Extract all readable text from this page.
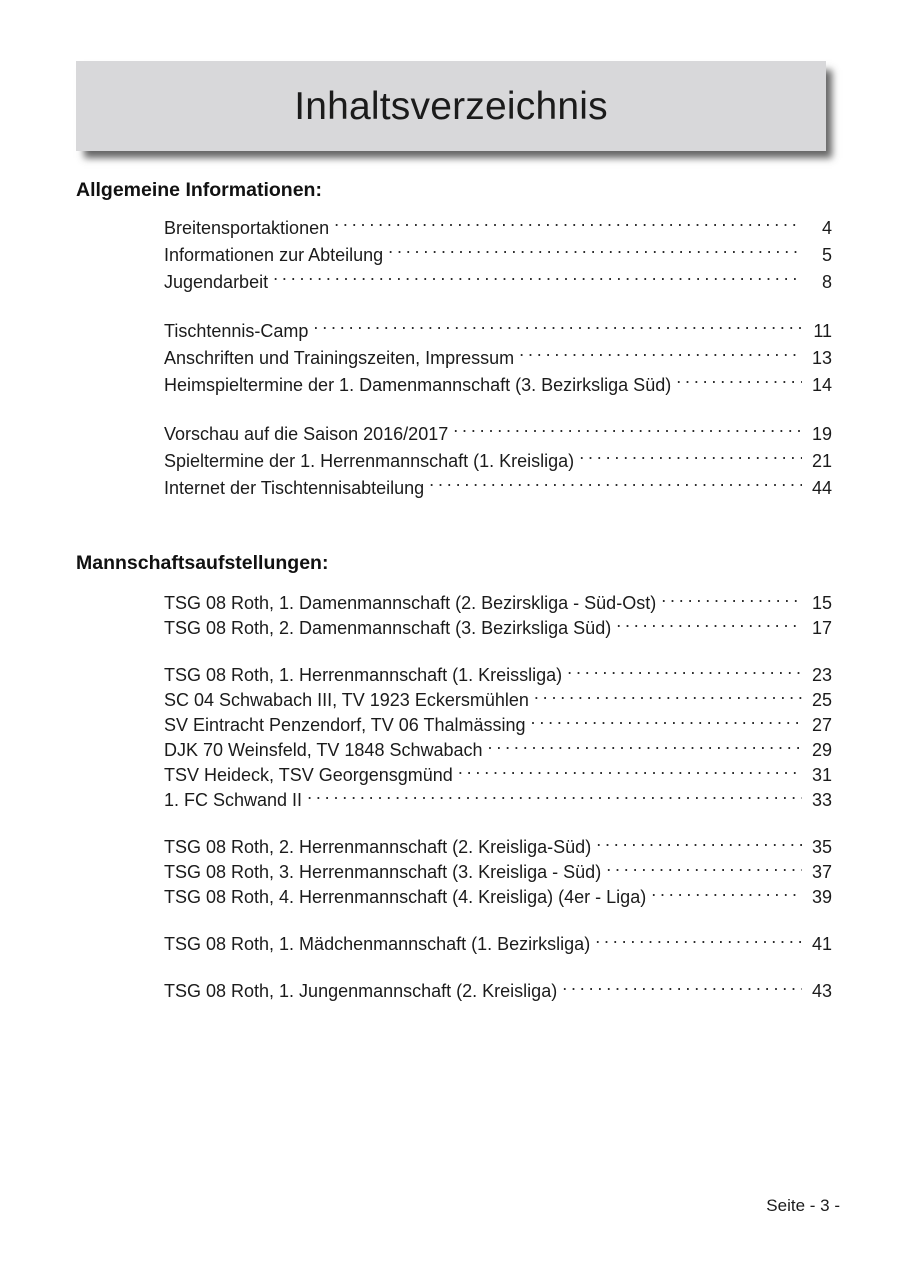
Inhaltsverzeichnis
Allgemeine Informationen:
Breitensportaktionen . . .	4
Informationen zur Abteilung . . .	5
Jugendarbeit . . .	8
Tischtennis-Camp . . .	11
Anschriften und Trainingszeiten, Impressum . . .	13
Heimspieltermine der 1. Damenmannschaft (3. Bezirksliga Süd) . . .	14
Vorschau auf die Saison 2016/2017 . . .	19
Spieltermine der 1. Herrenmannschaft (1. Kreisliga) . . .	21
Internet der Tischtennisabteilung . . .	44
Mannschaftsaufstellungen:
TSG 08 Roth, 1. Damenmannschaft (2. Bezirskliga - Süd-Ost) . . .	15
TSG 08 Roth, 2. Damenmannschaft (3. Bezirksliga Süd) . . .	17
TSG 08 Roth, 1. Herrenmannschaft (1. Kreissliga) . . .	23
SC 04 Schwabach III, TV 1923 Eckersmühlen . . .	25
SV Eintracht Penzendorf, TV 06 Thalmässing . . .	27
DJK 70 Weinsfeld, TV 1848 Schwabach . . .	29
TSV Heideck, TSV Georgensgmünd . . .	31
1. FC Schwand II . . .	33
TSG 08 Roth, 2. Herrenmannschaft (2. Kreisliga-Süd) . . .	35
TSG 08 Roth, 3. Herrenmannschaft (3. Kreisliga - Süd) . . .	37
TSG 08 Roth, 4. Herrenmannschaft (4. Kreisliga) (4er - Liga) . . .	39
TSG 08 Roth, 1. Mädchenmannschaft (1. Bezirksliga) . . .	41
TSG 08 Roth, 1. Jungenmannschaft (2. Kreisliga) . . .	43
Seite - 3 -
